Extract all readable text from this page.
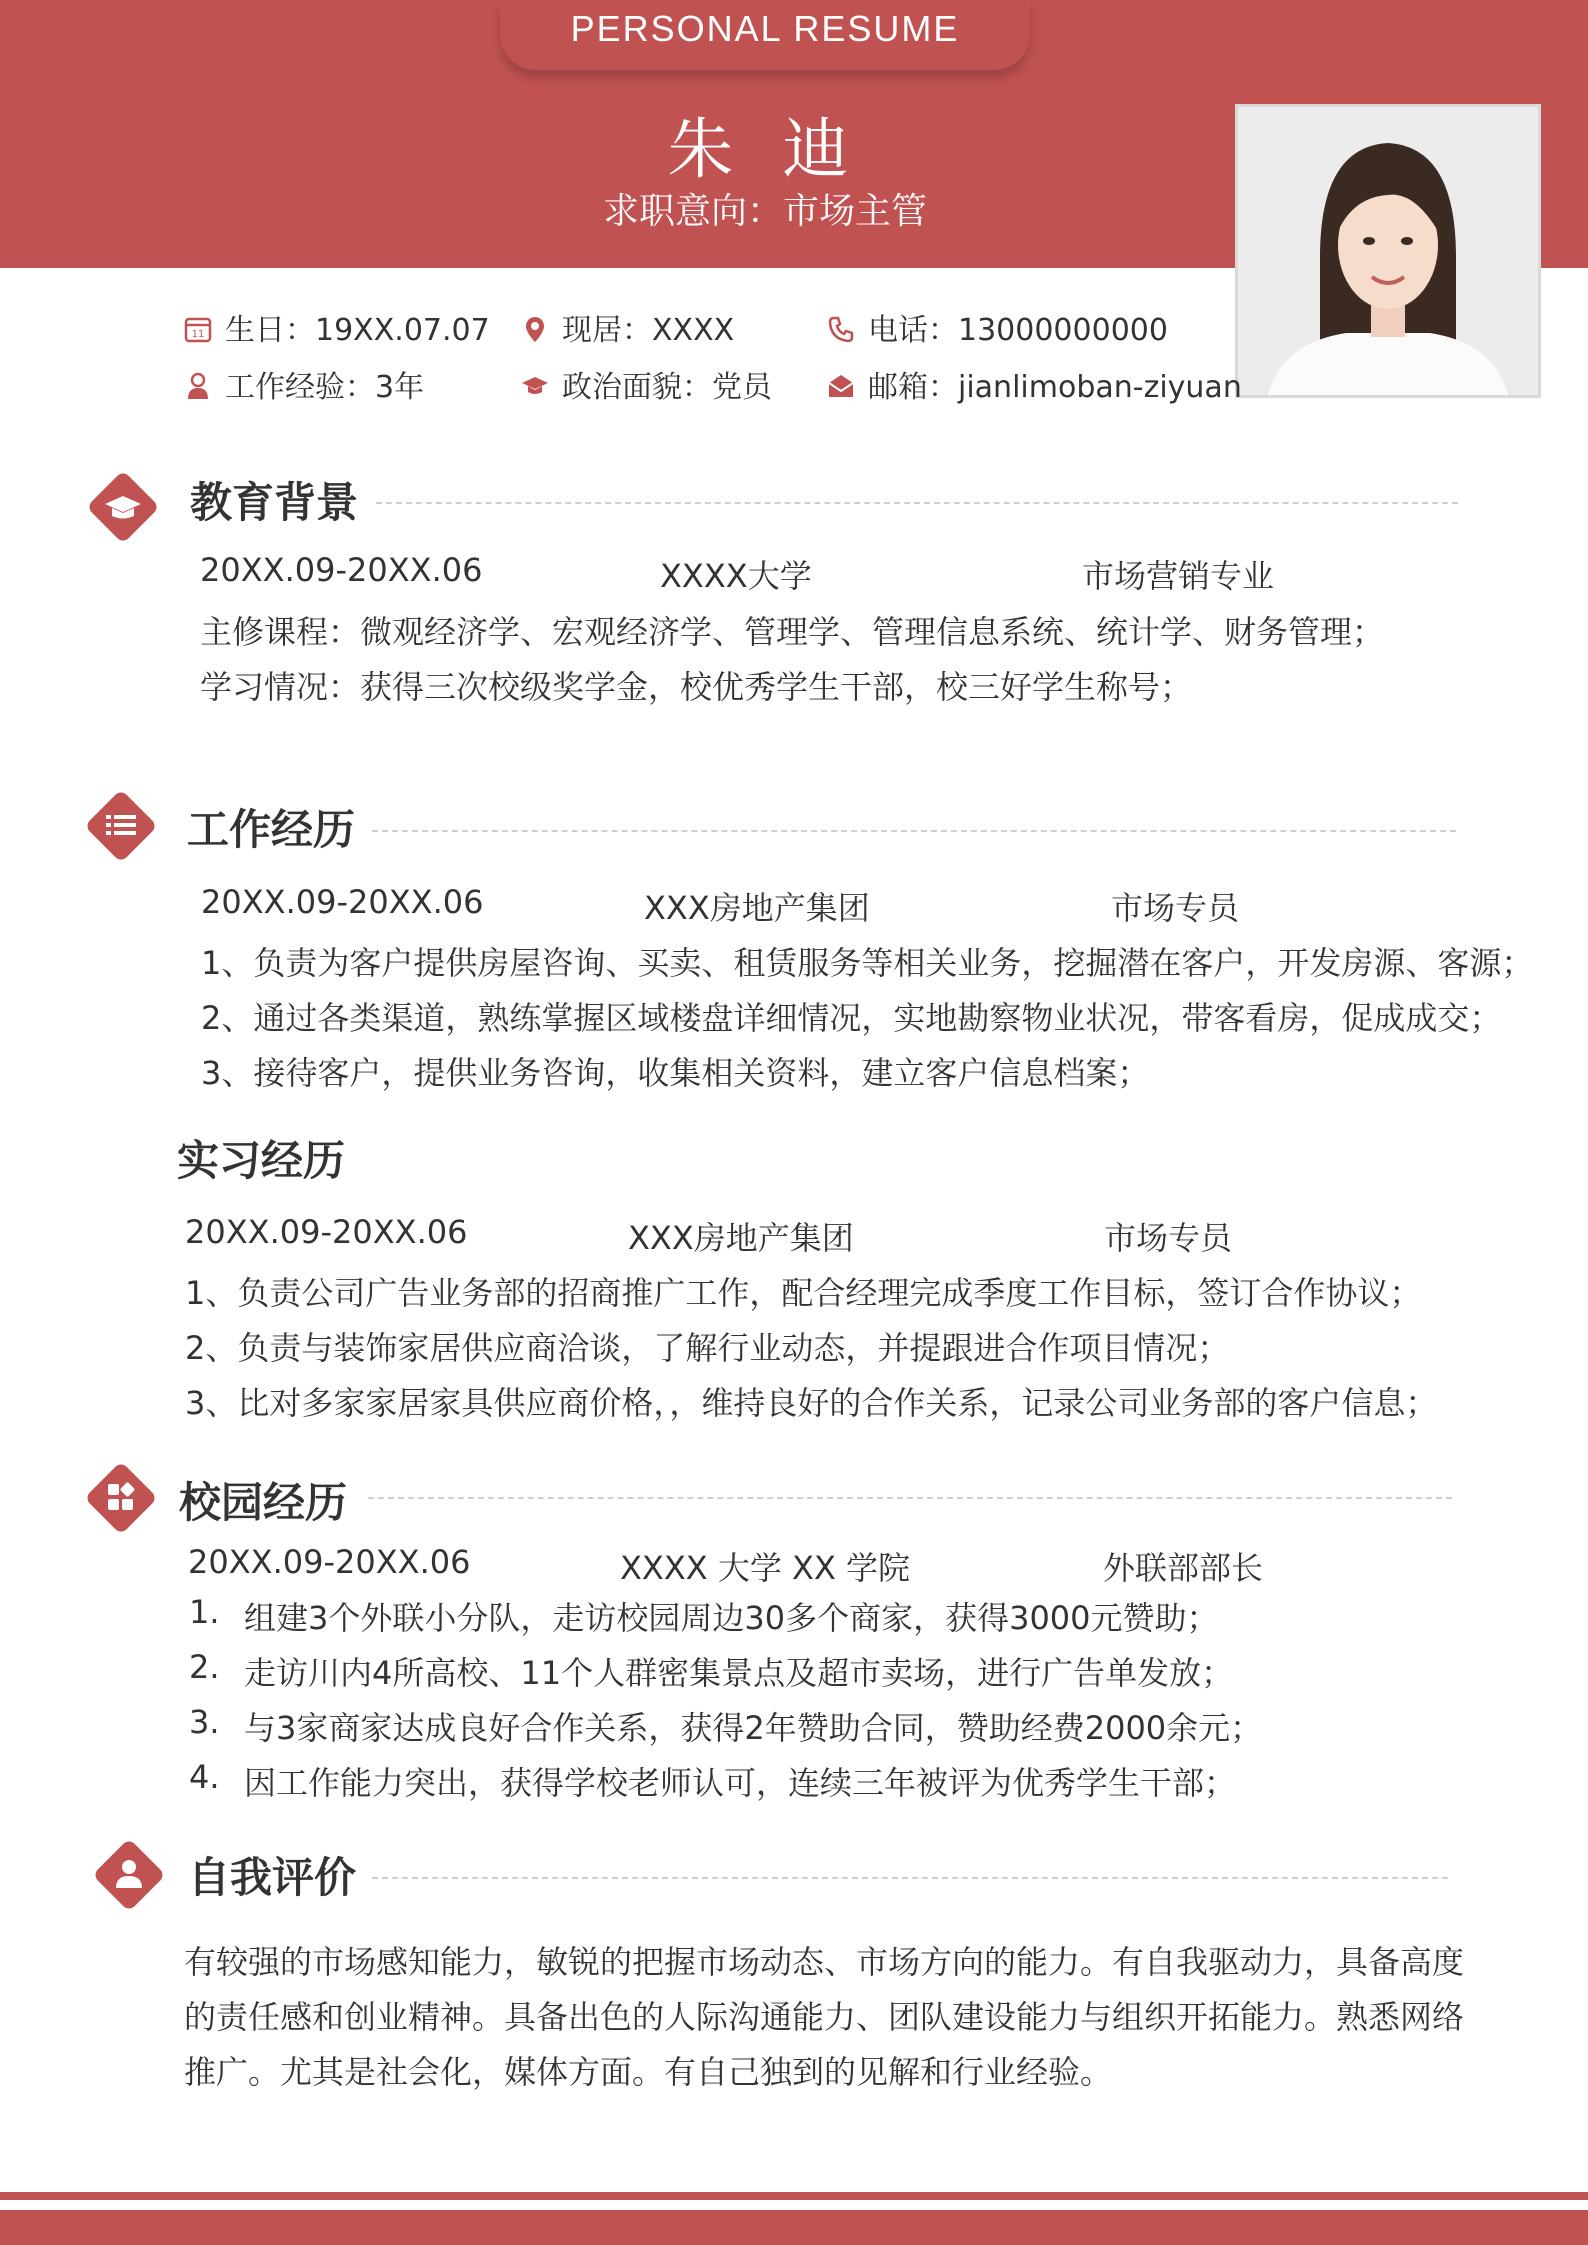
PERSONAL RESUME
朱 迪
求职意向：市场主管
11 生日：19XX.07.07	现居：XXXX	电话：13000000000
工作经验：3年	政治面貌：党员	邮箱：jianlimoban-ziyuan
教育背景
20XX.09-20XX.06	XXXX大学	市场营销专业
主修课程：微观经济学、宏观经济学、管理学、管理信息系统、统计学、财务管理；
学习情况：获得三次校级奖学金，校优秀学生干部，校三好学生称号；
工作经历
20XX.09-20XX.06	XXX房地产集团	市场专员
1、负责为客户提供房屋咨询、买卖、租赁服务等相关业务，挖掘潜在客户，开发房源、客源；
2、通过各类渠道，熟练掌握区域楼盘详细情况，实地勘察物业状况，带客看房，促成成交；
3、接待客户，提供业务咨询，收集相关资料，建立客户信息档案；
实习经历
20XX.09-20XX.06	XXX房地产集团	市场专员
1、负责公司广告业务部的招商推广工作，配合经理完成季度工作目标，签订合作协议；
2、负责与装饰家居供应商洽谈，了解行业动态，并提跟进合作项目情况；
3、比对多家家居家具供应商价格，，维持良好的合作关系，记录公司业务部的客户信息；
校园经历
20XX.09-20XX.06	XXXX 大学 XX 学院	外联部部长
1. 组建3个外联小分队，走访校园周边30多个商家，获得3000元赞助；
2. 走访川内4所高校、11个人群密集景点及超市卖场，进行广告单发放；
3. 与3家商家达成良好合作关系，获得2年赞助合同，赞助经费2000余元；
4. 因工作能力突出，获得学校老师认可，连续三年被评为优秀学生干部；
自我评价
有较强的市场感知能力，敏锐的把握市场动态、市场方向的能力。有自我驱动力，具备高度
的责任感和创业精神。具备出色的人际沟通能力、团队建设能力与组织开拓能力。熟悉网络
推广。尤其是社会化，媒体方面。有自己独到的见解和行业经验。
